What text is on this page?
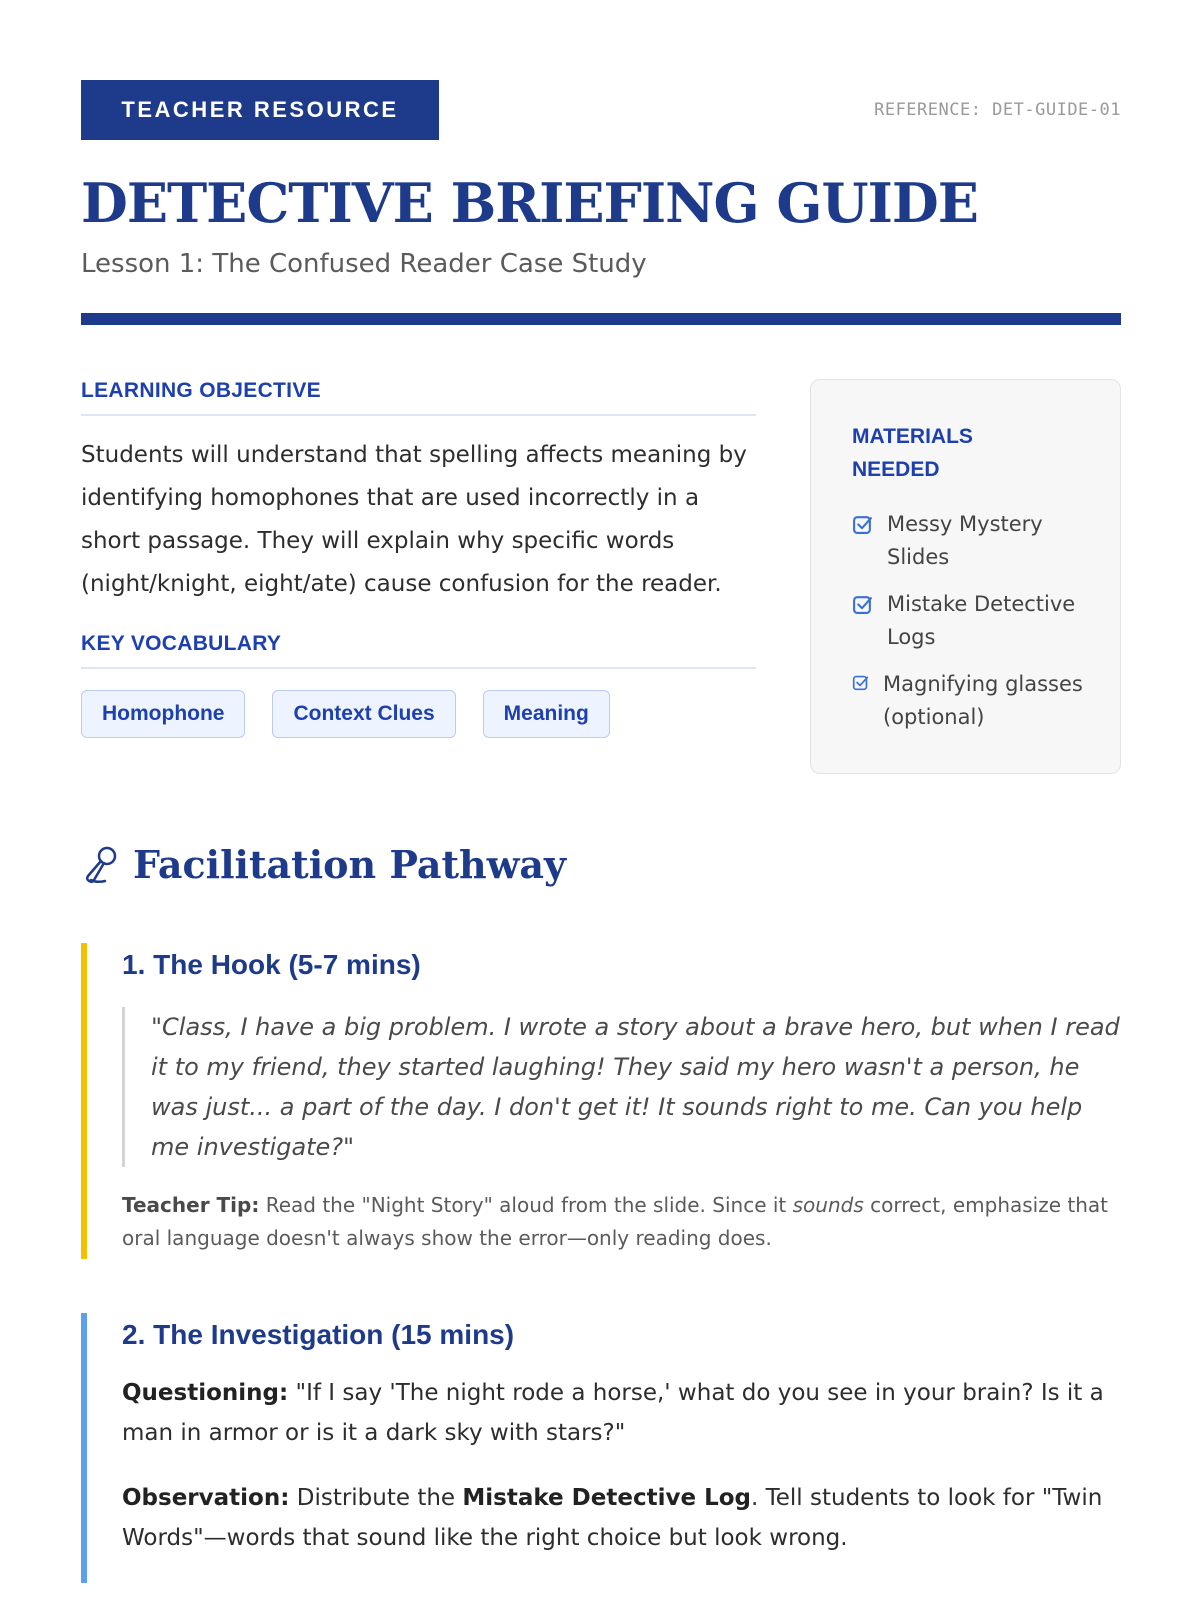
TEACHER RESOURCE	REFERENCE: DET-GUIDE-01
DETECTIVE BRIEFING GUIDE
Lesson 1: The Confused Reader Case Study
LEARNING OBJECTIVE
Students will understand that spelling affects meaning by identifying homophones that are used incorrectly in a short passage. They will explain why specific words (night/knight, eight/ate) cause confusion for the reader.
KEY VOCABULARY
Homophone	Context Clues	Meaning
MATERIALS NEEDED
Messy Mystery Slides
Mistake Detective Logs
Magnifying glasses (optional)
Facilitation Pathway
1. The Hook (5-7 mins)
"Class, I have a big problem. I wrote a story about a brave hero, but when I read it to my friend, they started laughing! They said my hero wasn't a person, he was just... a part of the day. I don't get it! It sounds right to me. Can you help me investigate?"
Teacher Tip: Read the "Night Story" aloud from the slide. Since it sounds correct, emphasize that oral language doesn't always show the error—only reading does.
2. The Investigation (15 mins)
Questioning: "If I say 'The night rode a horse,' what do you see in your brain? Is it a man in armor or is it a dark sky with stars?"
Observation: Distribute the Mistake Detective Log. Tell students to look for "Twin Words"—words that sound like the right choice but look wrong.
